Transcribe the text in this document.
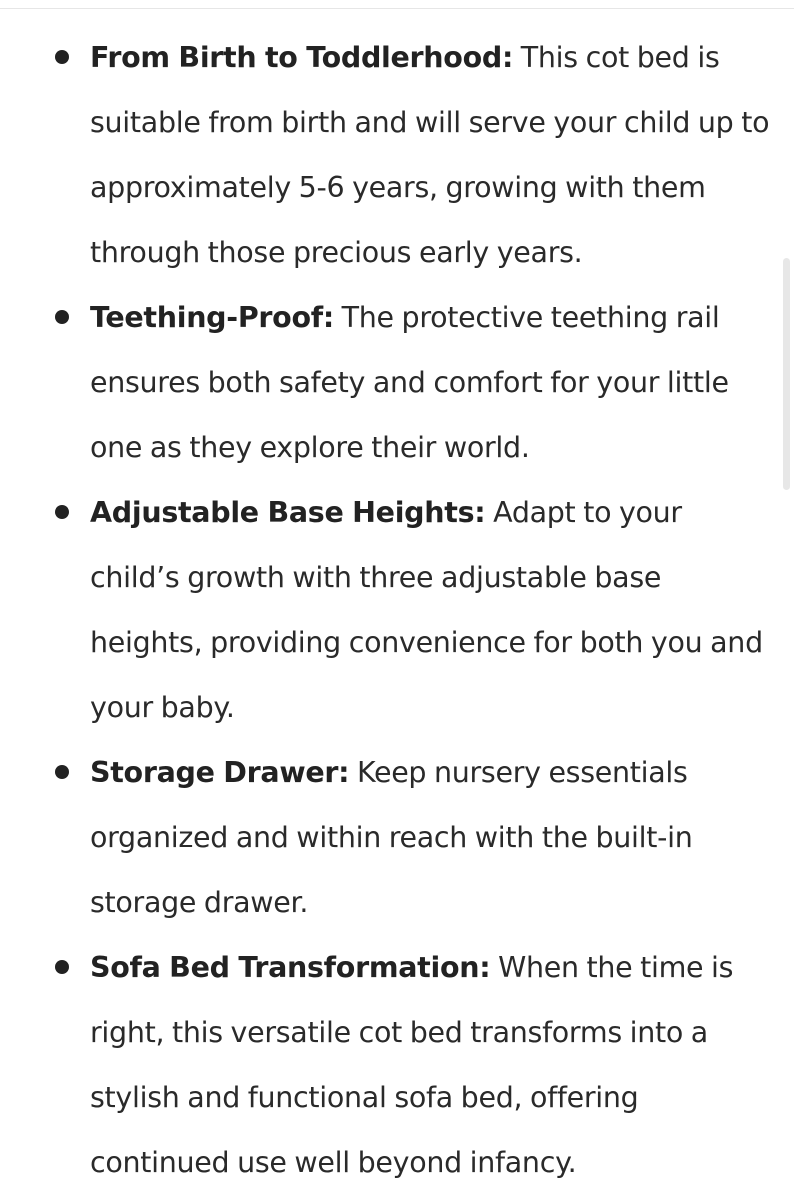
From Birth to Toddlerhood: This cot bed is suitable from birth and will serve your child up to approximately 5-6 years, growing with them through those precious early years.
Teething-Proof: The protective teething rail ensures both safety and comfort for your little one as they explore their world.
Adjustable Base Heights: Adapt to your child’s growth with three adjustable base heights, providing convenience for both you and your baby.
Storage Drawer: Keep nursery essentials organized and within reach with the built-in storage drawer.
Sofa Bed Transformation: When the time is right, this versatile cot bed transforms into a stylish and functional sofa bed, offering continued use well beyond infancy.
